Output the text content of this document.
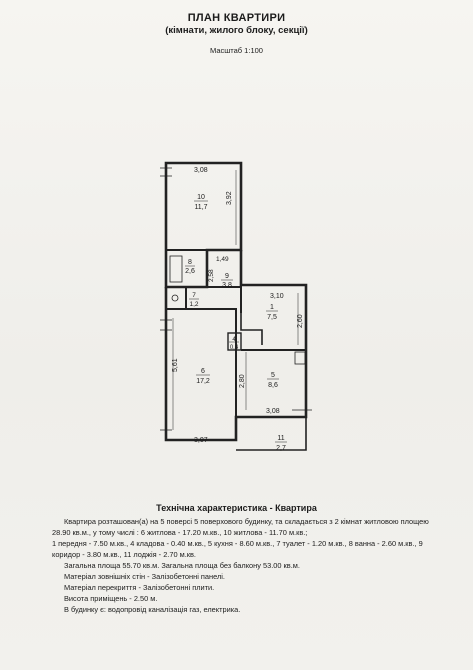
ПЛАН КВАРТИРИ
(кімнати, жилого блоку, секції)
Масштаб 1:100
3,08
3,92
1,49
2,58
3,10
2,60
5,61
2,80
3,08
3,07
10
11,7
8
2,6
9
3,8
7
1,2	1
7,5
4
0,4
6
17,2
5
8,6
11
2,7
Технічна характеристика - Квартира
Квартира розташован(а) на 5 поверсі 5 поверхового будинку, та складається з 2 кімнат житловою площею
28.90 кв.м., у тому числі : 6 житлова - 17.20 м.кв., 10 житлова - 11.70 м.кв.;
1 передня - 7.50 м.кв., 4 кладова - 0.40 м.кв., 5 кухня - 8.60 м.кв., 7 туалет - 1.20 м.кв., 8 ванна - 2.60 м.кв., 9
коридор - 3.80 м.кв., 11 лоджія - 2.70 м.кв.
Загальна площа 55.70 кв.м. Загальна площа без балкону 53.00 кв.м.
Матеріал зовнішніх стін - Залізобетонні панелі.
Матеріал перекриття - Залізобетонні плити.
Висота приміщень - 2.50 м.
В будинку є: водопровід каналізація газ, електрика.
